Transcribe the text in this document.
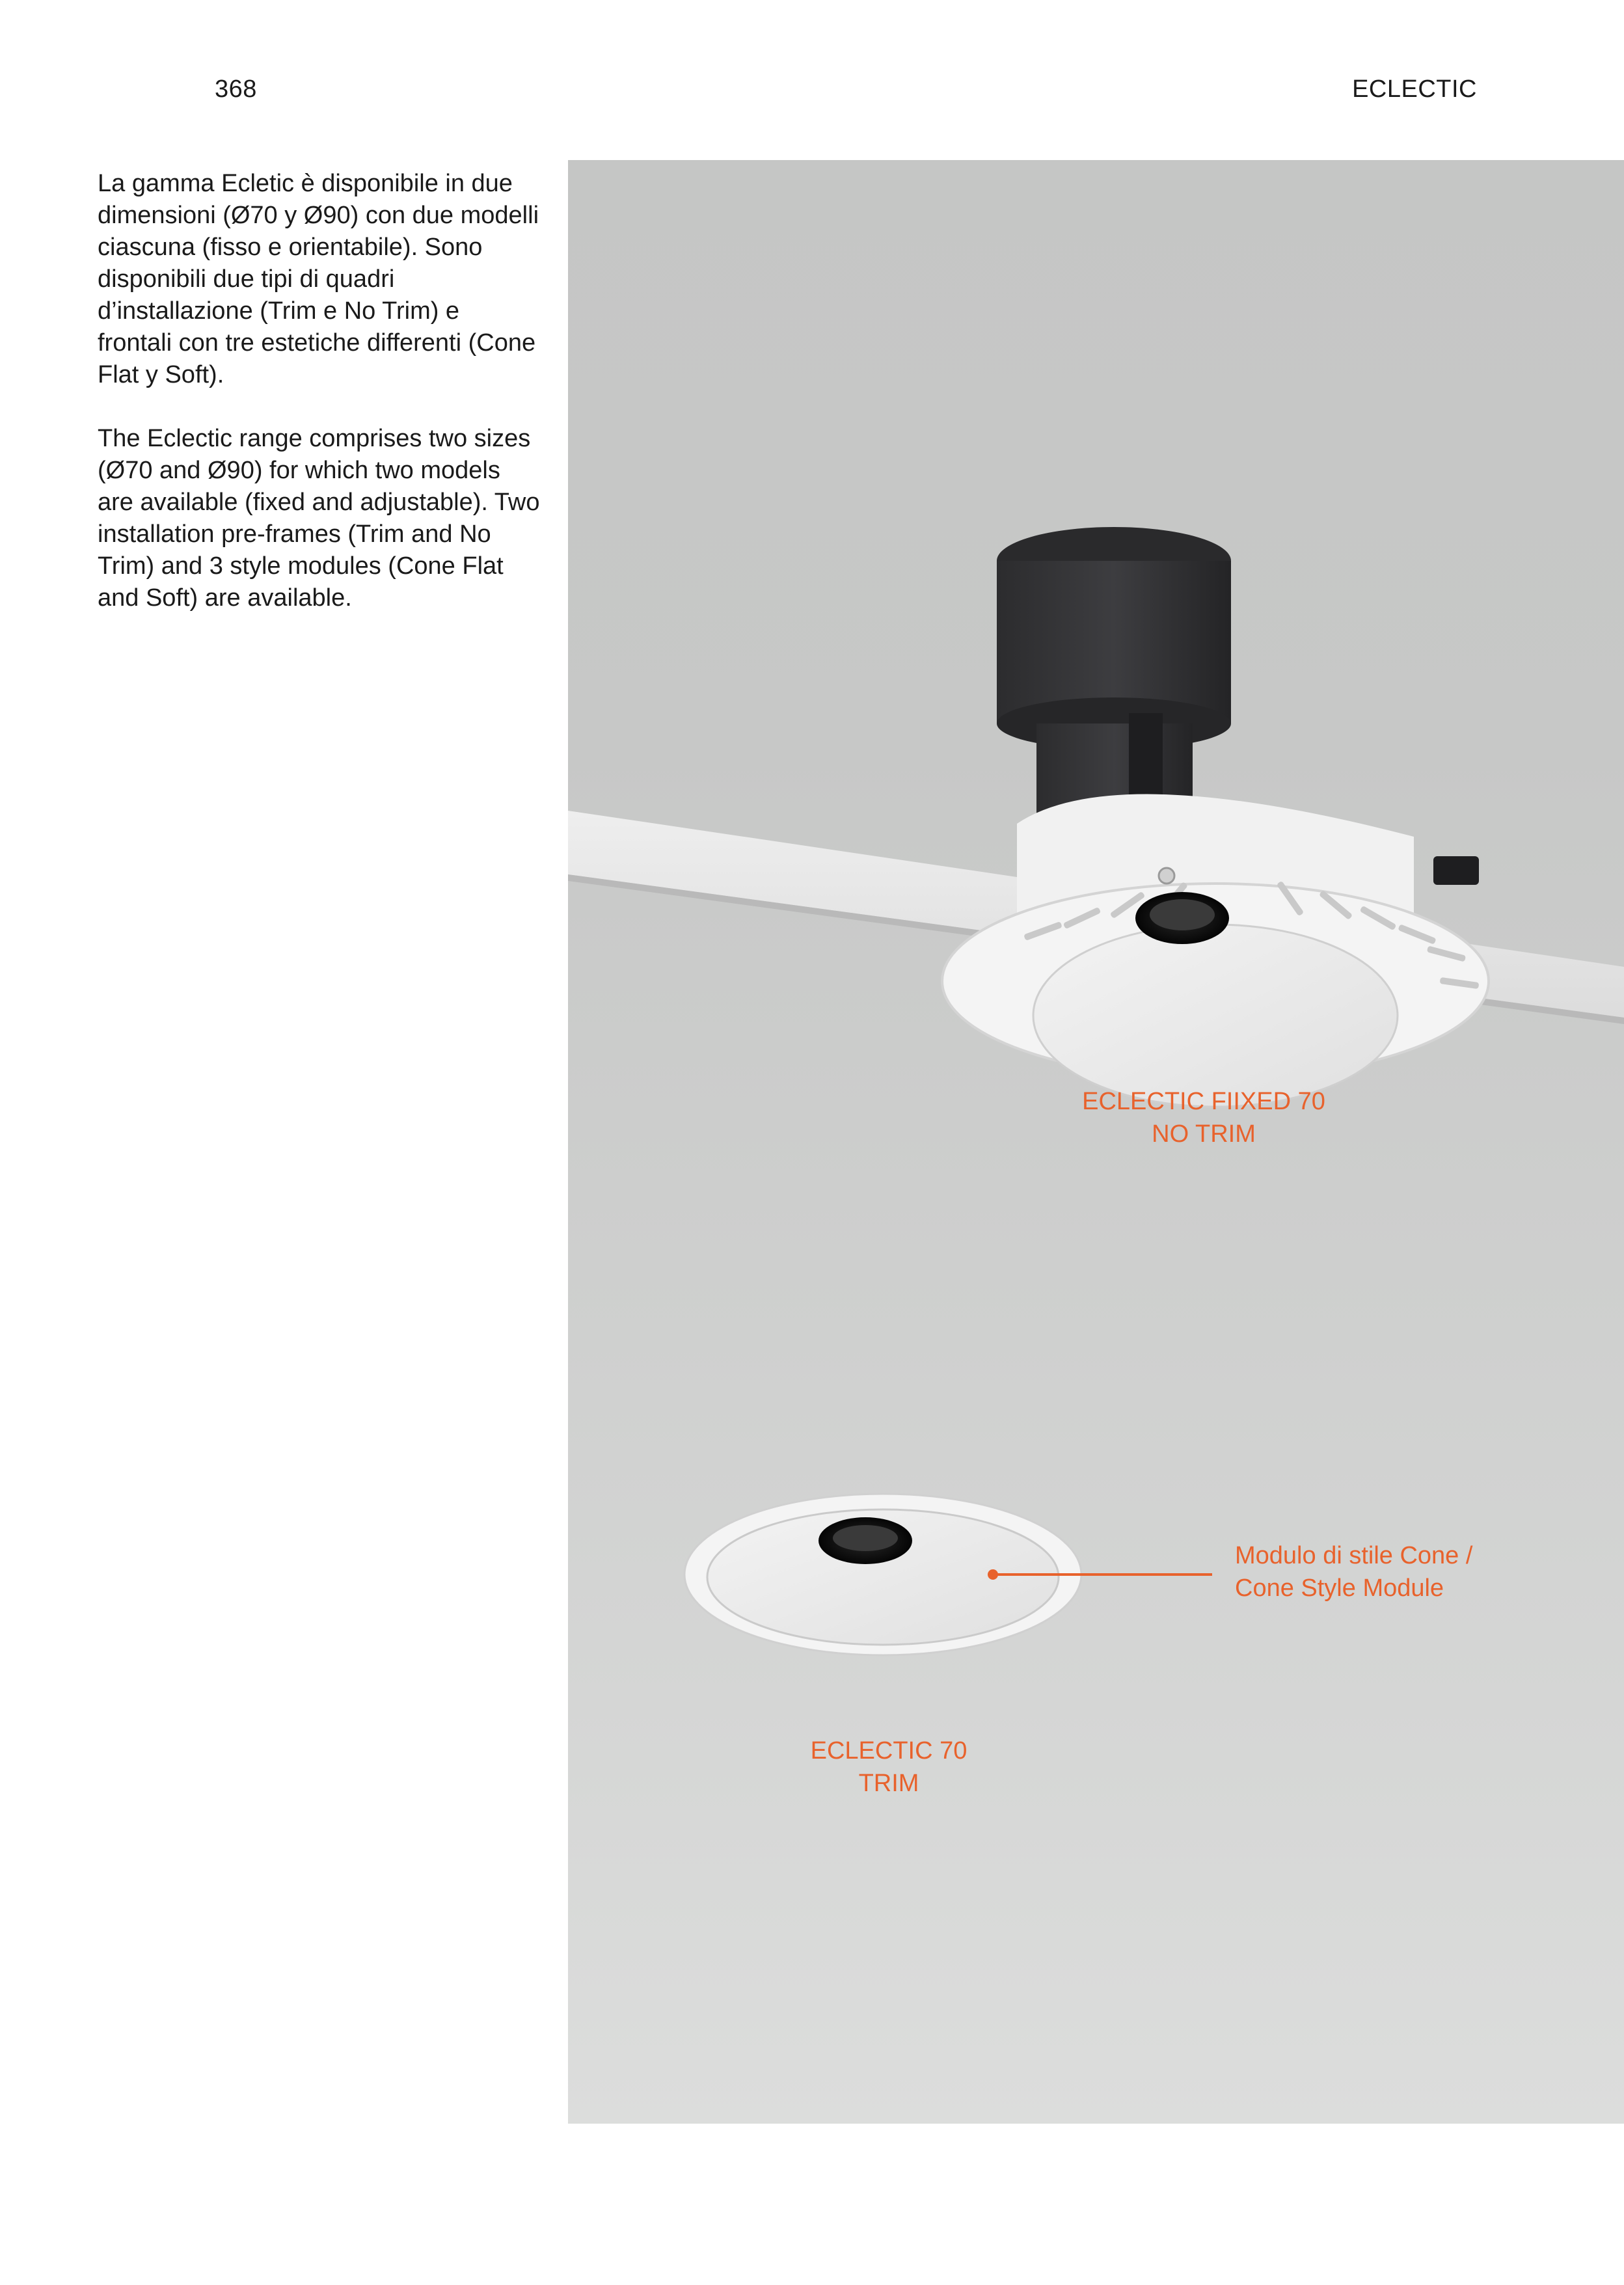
368	ECLECTIC

La gamma Ecletic è disponibile in due dimensioni (Ø70 y Ø90) con due modelli ciascuna (fisso e orientabile). Sono disponibili due tipi di quadri d’installazione (Trim e No Trim) e frontali con tre estetiche differenti (Cone Flat y Soft).

The Eclectic range comprises two sizes (Ø70 and Ø90) for which two models are available (fixed and adjustable). Two installation pre-frames (Trim and No Trim) and 3 style modules (Cone Flat and Soft) are available.

ECLECTIC FIIXED 70
NO TRIM
Modulo di stile Cone /
Cone Style Module
ECLECTIC 70
TRIM
